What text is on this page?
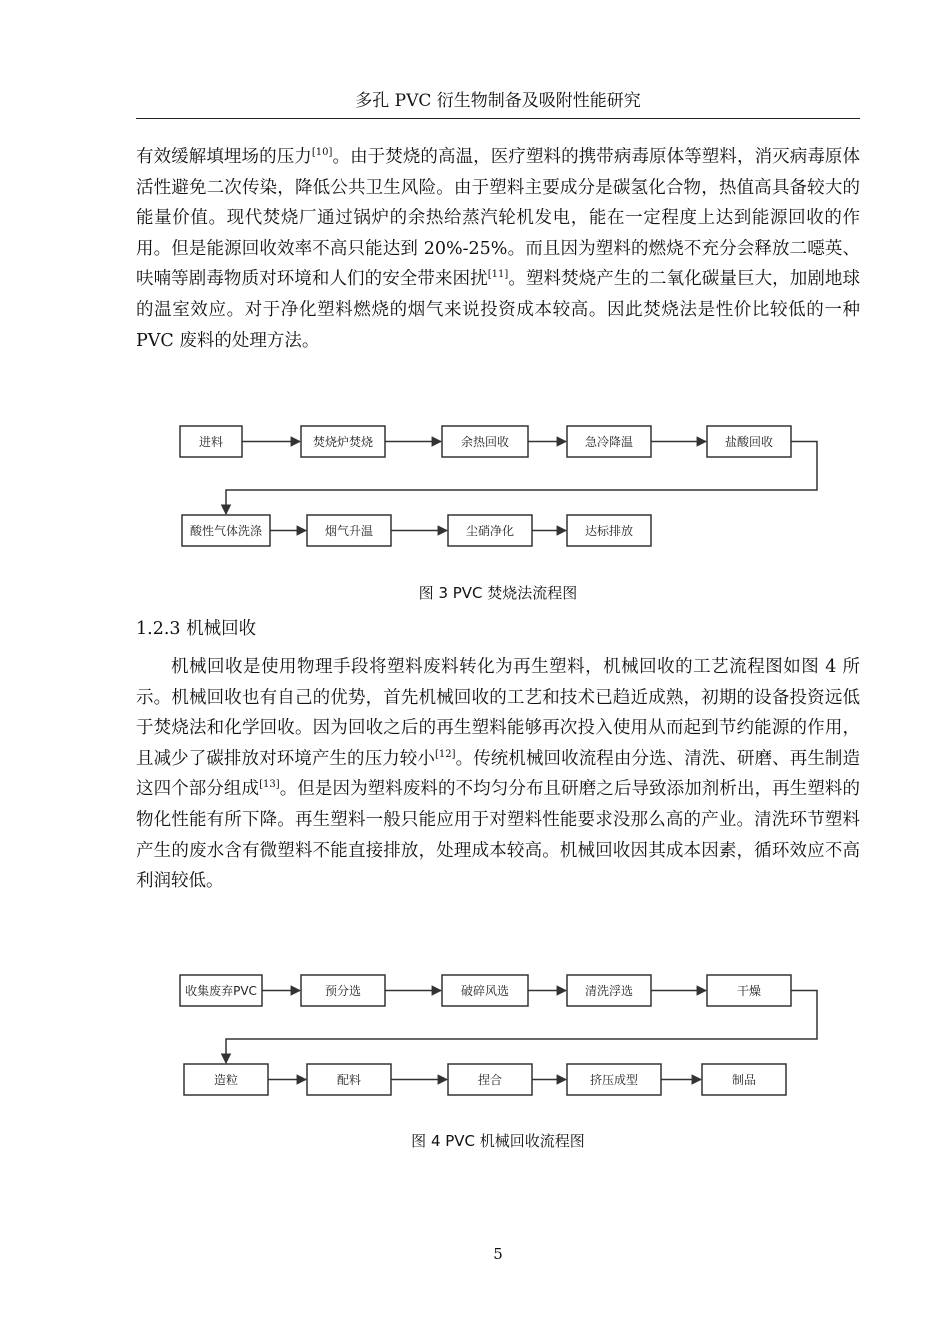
多孔 PVC 衍生物制备及吸附性能研究

有效缓解填埋场的压力[10]。由于焚烧的高温，医疗塑料的携带病毒原体等塑料，消灭病毒原体活性避免二次传染，降低公共卫生风险。由于塑料主要成分是碳氢化合物，热值高具备较大的能量价值。现代焚烧厂通过锅炉的余热给蒸汽轮机发电，能在一定程度上达到能源回收的作用。但是能源回收效率不高只能达到 20%-25%。而且因为塑料的燃烧不充分会释放二噁英、呋喃等剧毒物质对环境和人们的安全带来困扰[11]。塑料焚烧产生的二氧化碳量巨大，加剧地球的温室效应。对于净化塑料燃烧的烟气来说投资成本较高。因此焚烧法是性价比较低的一种 PVC 废料的处理方法。

进料	焚烧炉焚烧	余热回收	急冷降温	盐酸回收
酸性气体洗涤	烟气升温	尘硝净化	达标排放
收集废弃PVC	预分选	破碎风选	清洗浮选	干燥
造粒	配料	捏合	挤压成型	制品
图 3 PVC 焚烧法流程图
1.2.3 机械回收

机械回收是使用物理手段将塑料废料转化为再生塑料，机械回收的工艺流程图如图 4 所示。机械回收也有自己的优势，首先机械回收的工艺和技术已趋近成熟，初期的设备投资远低于焚烧法和化学回收。因为回收之后的再生塑料能够再次投入使用从而起到节约能源的作用，且减少了碳排放对环境产生的压力较小[12]。传统机械回收流程由分选、清洗、研磨、再生制造这四个部分组成[13]。但是因为塑料废料的不均匀分布且研磨之后导致添加剂析出，再生塑料的物化性能有所下降。再生塑料一般只能应用于对塑料性能要求没那么高的产业。清洗环节塑料产生的废水含有微塑料不能直接排放，处理成本较高。机械回收因其成本因素，循环效应不高利润较低。

图 4 PVC 机械回收流程图
5
